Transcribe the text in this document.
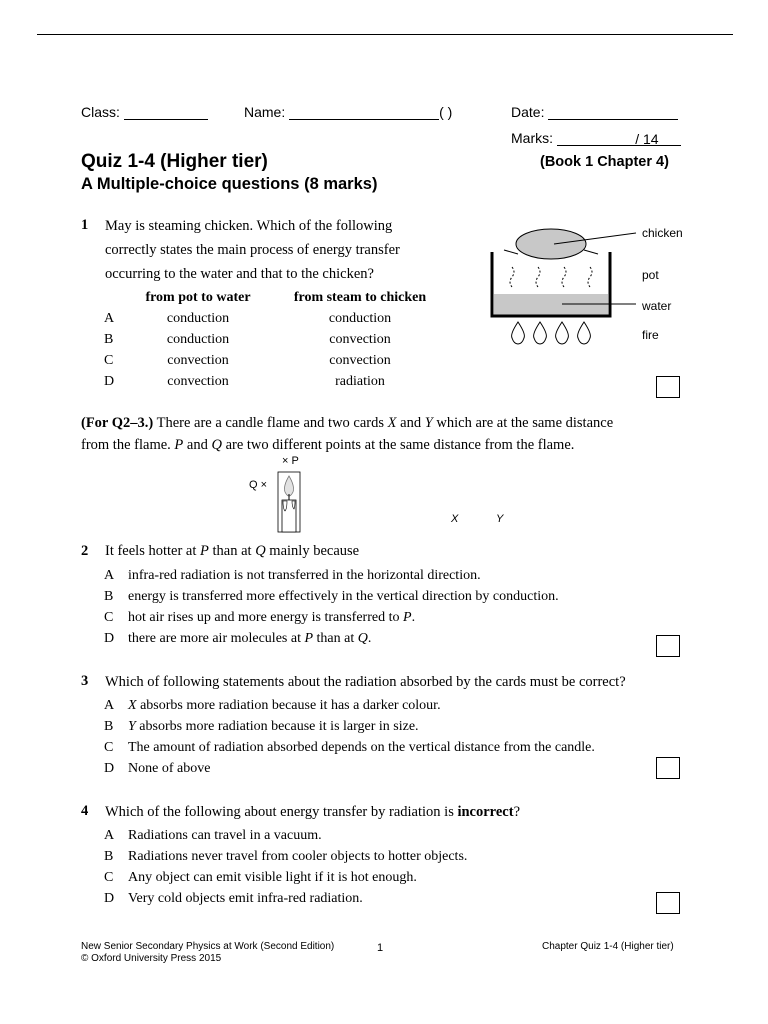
Class:	Name:	( )	Date:
Marks:	/ 14
Quiz 1-4 (Higher tier)	(Book 1 Chapter 4)
A Multiple-choice questions (8 marks)
1 May is steaming chicken. Which of the following
correctly states the main process of energy transfer
occurring to the water and that to the chicken?
from pot to water	from steam to chicken
A	conduction	conduction
B	conduction	convection
C	convection	convection
D	convection	radiation
chicken
pot
water
fire
(For Q2–3.) There are a candle flame and two cards X and Y which are at the same distance
from the flame. P and Q are two different points at the same distance from the flame.
× P
Q ×
X	Y
2 It feels hotter at P than at Q mainly because
A infra-red radiation is not transferred in the horizontal direction.
B energy is transferred more effectively in the vertical direction by conduction.
C hot air rises up and more energy is transferred to P.
D there are more air molecules at P than at Q.
3 Which of following statements about the radiation absorbed by the cards must be correct?
A X absorbs more radiation because it has a darker colour.
B Y absorbs more radiation because it is larger in size.
C The amount of radiation absorbed depends on the vertical distance from the candle.
D None of above
4 Which of the following about energy transfer by radiation is incorrect?
A Radiations can travel in a vacuum.
B Radiations never travel from cooler objects to hotter objects.
C Any object can emit visible light if it is hot enough.
D Very cold objects emit infra-red radiation.
New Senior Secondary Physics at Work (Second Edition)
© Oxford University Press 2015
1	Chapter Quiz 1-4 (Higher tier)
